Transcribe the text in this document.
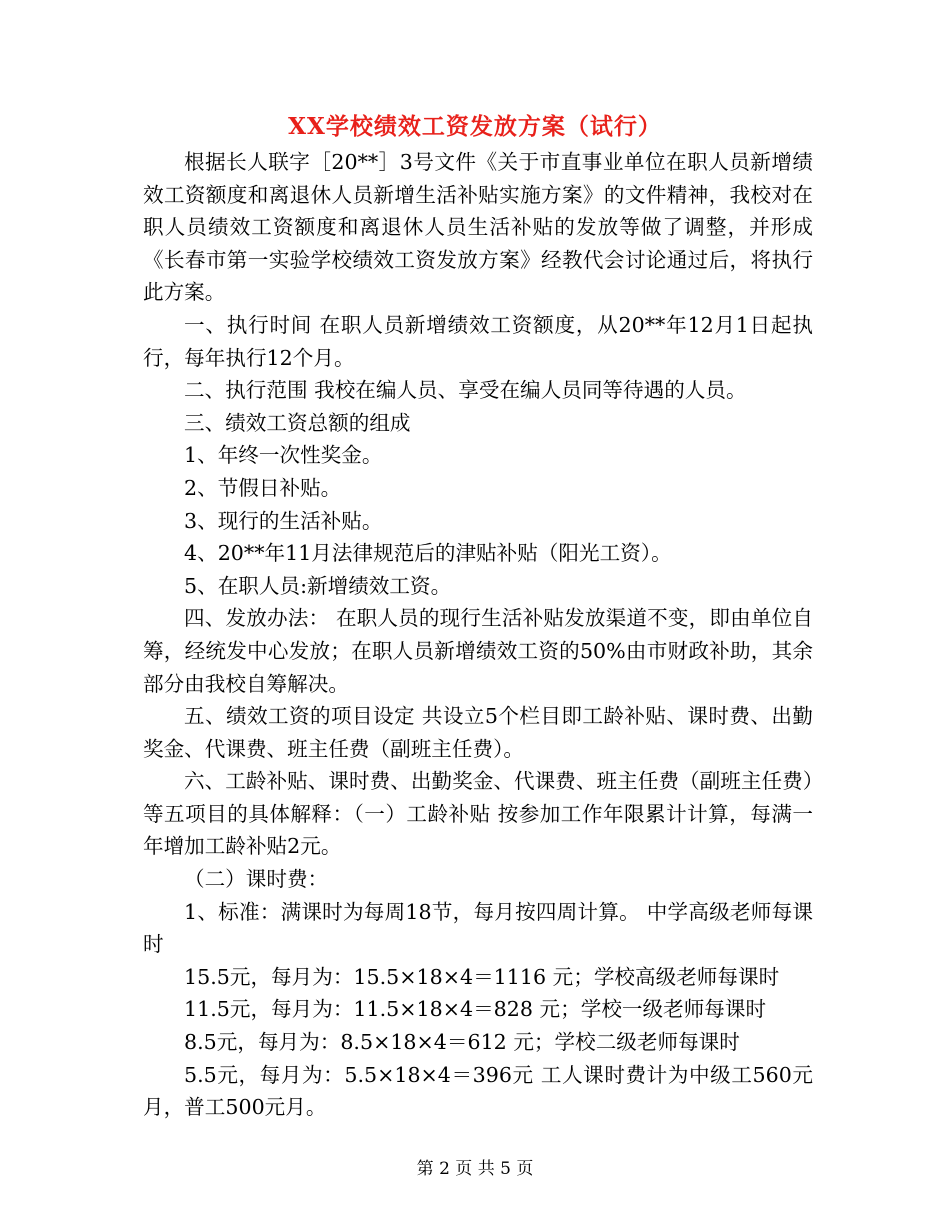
XX学校绩效工资发放方案（试行）

根据长人联字［20**］3号文件《关于市直事业单位在职人员新增绩效工资额度和离退休人员新增生活补贴实施方案》的文件精神，我校对在职人员绩效工资额度和离退休人员生活补贴的发放等做了调整，并形成《长春市第一实验学校绩效工资发放方案》经教代会讨论通过后，将执行此方案。

一、执行时间 在职人员新增绩效工资额度，从20**年12月1日起执行，每年执行12个月。

二、执行范围 我校在编人员、享受在编人员同等待遇的人员。

三、绩效工资总额的组成

1、年终一次性奖金。

2、节假日补贴。

3、现行的生活补贴。

4、20**年11月法律规范后的津贴补贴（阳光工资）。

5、在职人员:新增绩效工资。

四、发放办法： 在职人员的现行生活补贴发放渠道不变，即由单位自筹，经统发中心发放；在职人员新增绩效工资的50%由市财政补助，其余部分由我校自筹解决。

五、绩效工资的项目设定 共设立5个栏目即工龄补贴、课时费、出勤奖金、代课费、班主任费（副班主任费）。

六、工龄补贴、课时费、出勤奖金、代课费、班主任费（副班主任费）等五项目的具体解释：（一）工龄补贴 按参加工作年限累计计算，每满一年增加工龄补贴2元。

（二）课时费：

1、标准：满课时为每周18节，每月按四周计算。 中学高级老师每课时

15.5元，每月为：15.5×18×4＝1116 元；学校高级老师每课时

11.5元，每月为：11.5×18×4＝828 元；学校一级老师每课时

8.5元，每月为：8.5×18×4＝612 元；学校二级老师每课时

5.5元，每月为：5.5×18×4＝396元 工人课时费计为中级工560元月，普工500元月。

第 2 页 共 5 页
